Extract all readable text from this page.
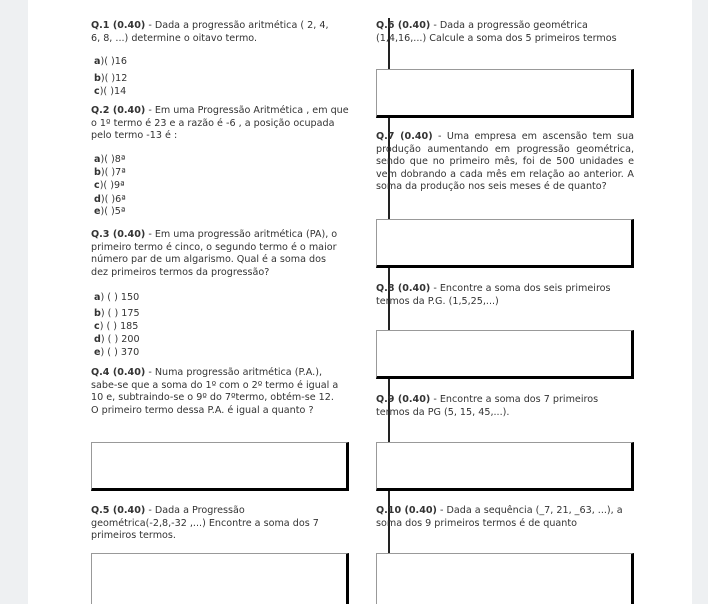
Q.1 (0.40) - Dada a progressão aritmética ( 2, 4, 6, 8, ...) determine o oitavo termo.
a)( )16
b)( )12
c)( )14
Q.2 (0.40) - Em uma Progressão Aritmética , em que o 1º termo é 23 e a razão é -6 , a posição ocupada pelo termo -13 é :
a)( )8ª
b)( )7ª
c)( )9ª
d)( )6ª
e)( )5ª
Q.3 (0.40) - Em uma progressão aritmética (PA), o primeiro termo é cinco, o segundo termo é o maior número par de um algarismo. Qual é a soma dos dez primeiros termos da progressão?
a) ( ) 150
b) ( ) 175
c) ( ) 185
d) ( ) 200
e) ( ) 370
Q.4 (0.40) - Numa progressão aritmética (P.A.), sabe-se que a soma do 1º com o 2º termo é igual a 10 e, subtraindo-se o 9º do 7ºtermo, obtém-se 12. O primeiro termo dessa P.A. é igual a quanto ?
Q.5 (0.40) - Dada a Progressão geométrica(-2,8,-32 ,...) Encontre a soma dos 7 primeiros termos.
Q.6 (0.40) - Dada a progressão geométrica (1,4,16,...) Calcule a soma dos 5 primeiros termos
Q.7 (0.40) - Uma empresa em ascensão tem sua produção aumentando em progressão geométrica, sendo que no primeiro mês, foi de 500 unidades e vem dobrando a cada mês em relação ao anterior. A soma da produção nos seis meses é de quanto?
Q.8 (0.40) - Encontre a soma dos seis primeiros termos da P.G. (1,5,25,...)
Q.9 (0.40) - Encontre a soma dos 7 primeiros termos da PG (5, 15, 45,...).
Q.10 (0.40) - Dada a sequência (_7, 21, _63, ...), a soma dos 9 primeiros termos é de quanto
